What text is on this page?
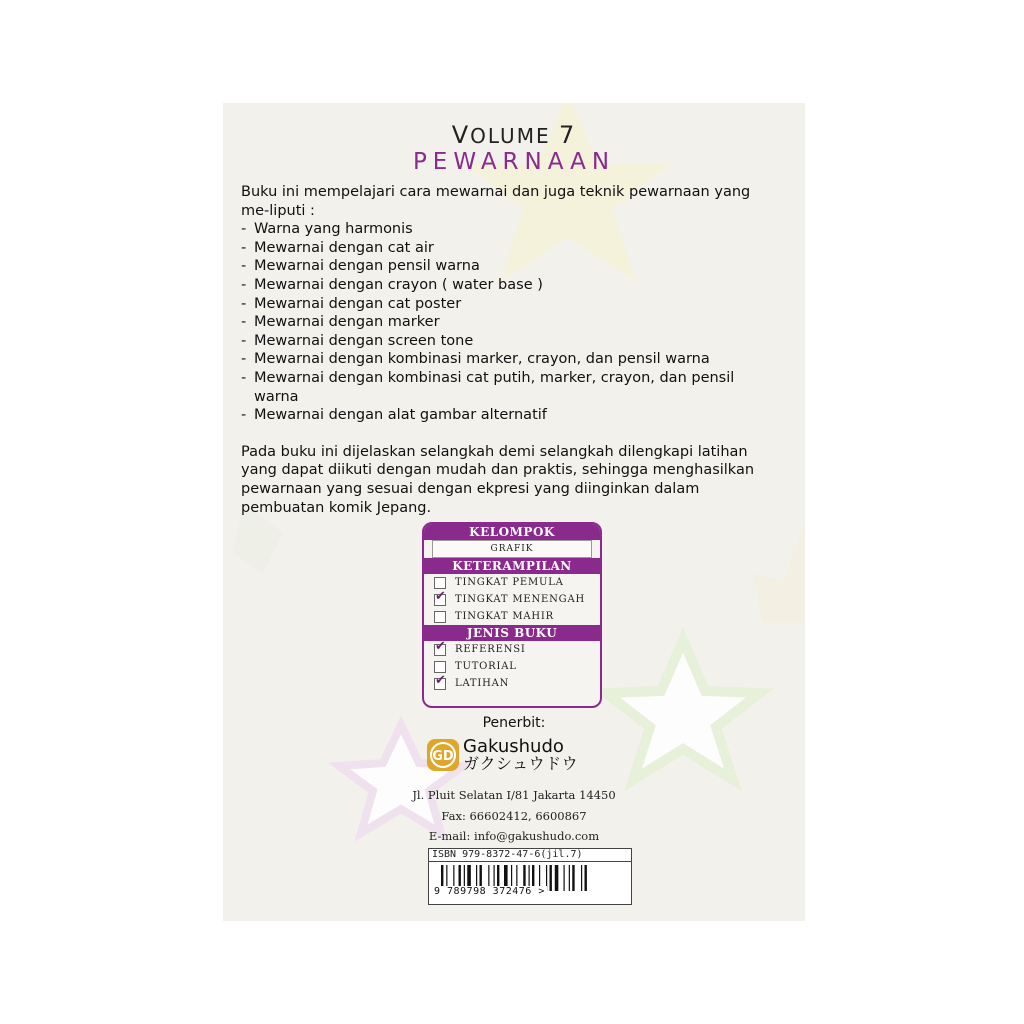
VOLUME 7
PEWARNAAN

Buku ini mempelajari cara mewarnai dan juga teknik pewarnaan yang me-liputi :

- Warna yang harmonis
- Mewarnai dengan cat air
- Mewarnai dengan pensil warna
- Mewarnai dengan crayon ( water base )
- Mewarnai dengan cat poster
- Mewarnai dengan marker
- Mewarnai dengan screen tone
- Mewarnai dengan kombinasi marker, crayon, dan pensil warna
- Mewarnai dengan kombinasi cat putih, marker, crayon, dan pensil warna
- Mewarnai dengan alat gambar alternatif

Pada buku ini dijelaskan selangkah demi selangkah dilengkapi latihan yang dapat diikuti dengan mudah dan praktis, sehingga menghasilkan pewarnaan yang sesuai dengan ekpresi yang diinginkan dalam pembuatan komik Jepang.

KELOMPOK
GRAFIK
KETERAMPILAN
TINGKAT PEMULA
✔
TINGKAT MENENGAH
TINGKAT MAHIR
JENIS BUKU
✔
REFERENSI
TUTORIAL
✔
LATIHAN
Penerbit:
GD Gakushudo
ガクシュウドウ
Jl. Pluit Selatan I/81 Jakarta 14450
Fax: 66602412, 6600867
E-mail: info@gakushudo.com
ISBN 979-8372-47-6(jil.7)
9 789798 372476 >
